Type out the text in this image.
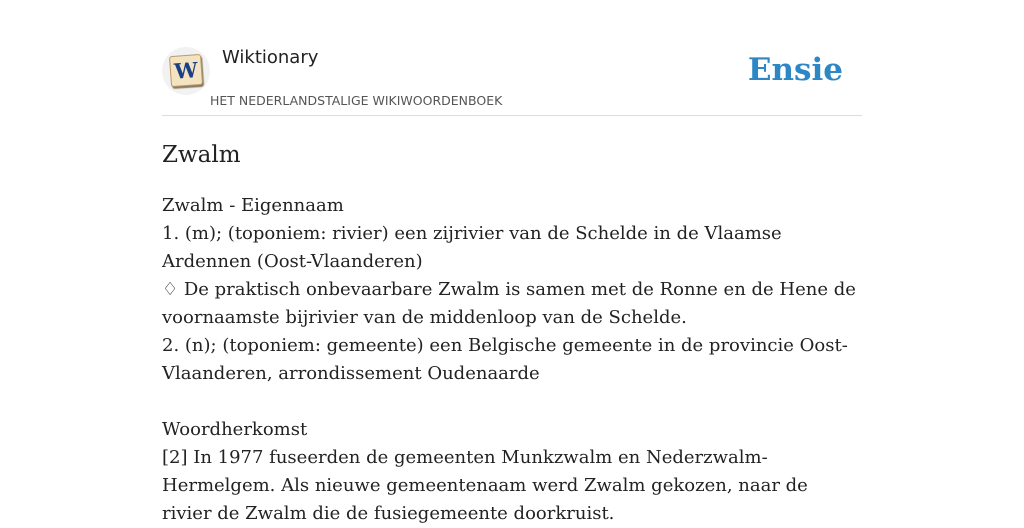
W Wiktionary
HET NEDERLANDSTALIGE WIKIWOORDENBOEK
Ensie
Zwalm

Zwalm - Eigennaam

1. (m); (toponiem: rivier) een zijrivier van de Schelde in de Vlaamse Ardennen (Oost-Vlaanderen)

♢ De praktisch onbevaarbare Zwalm is samen met de Ronne en de Hene de voornaamste bijrivier van de middenloop van de Schelde.

2. (n); (toponiem: gemeente) een Belgische gemeente in de provincie Oost-Vlaanderen, arrondissement Oudenaarde

Woordherkomst

[2] In 1977 fuseerden de gemeenten Munkzwalm en Nederzwalm-Hermelgem. Als nieuwe gemeentenaam werd Zwalm gekozen, naar de rivier de Zwalm die de fusiegemeente doorkruist.
